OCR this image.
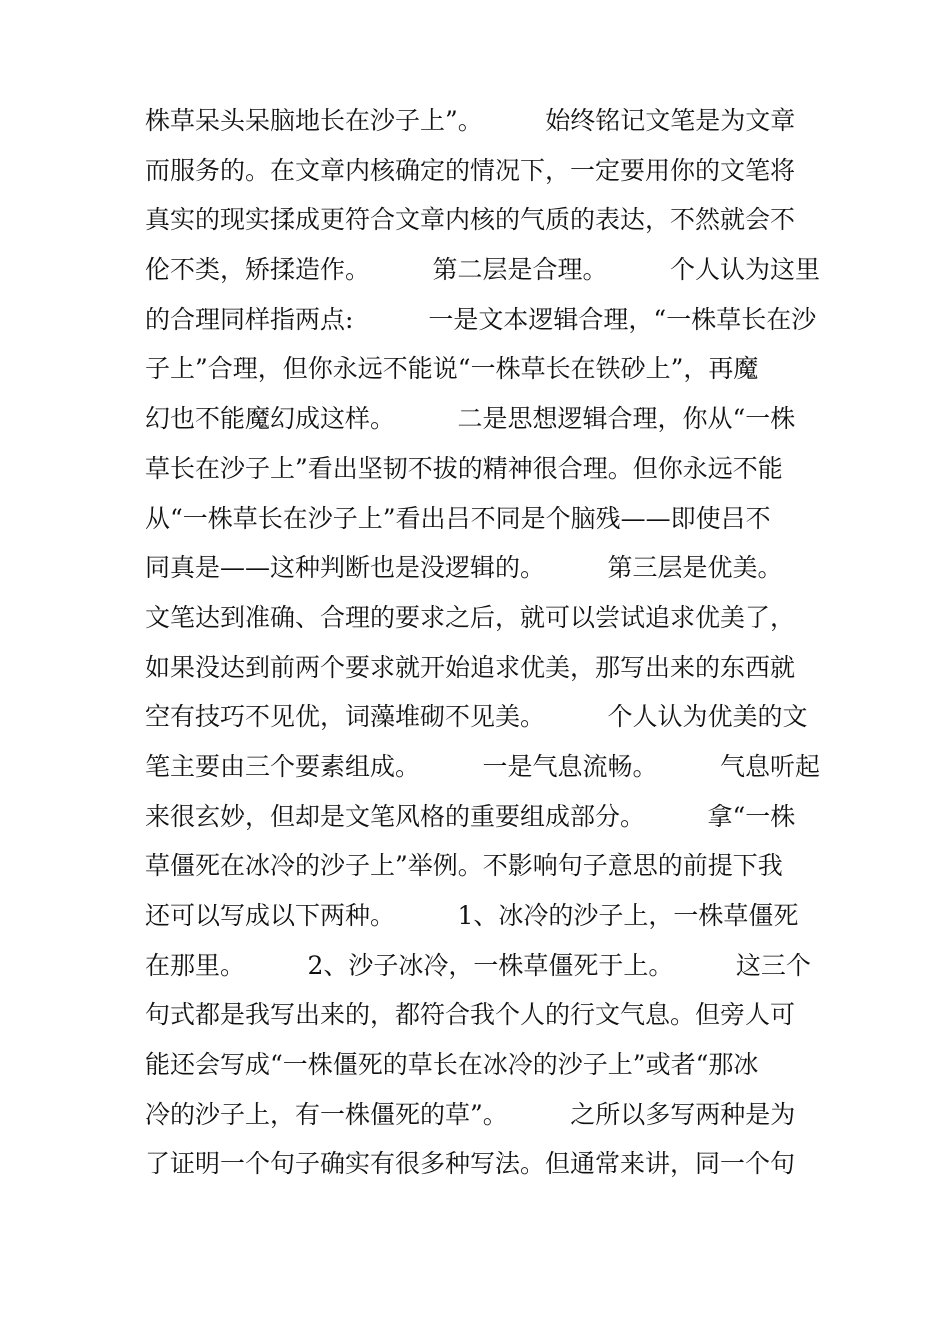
株草呆头呆脑地长在沙子上”。　　　始终铭记文笔是为文章
而服务的。在文章内核确定的情况下，一定要用你的文笔将
真实的现实揉成更符合文章内核的气质的表达，不然就会不
伦不类，矫揉造作。　　　第二层是合理。　　　个人认为这里
的合理同样指两点:　　　一是文本逻辑合理，“一株草长在沙
子上”合理，但你永远不能说“一株草长在铁砂上”，再魔
幻也不能魔幻成这样。　　　二是思想逻辑合理，你从“一株
草长在沙子上”看出坚韧不拔的精神很合理。但你永远不能
从“一株草长在沙子上”看出吕不同是个脑残——即使吕不
同真是——这种判断也是没逻辑的。　　　第三层是优美。
文笔达到准确、合理的要求之后，就可以尝试追求优美了，
如果没达到前两个要求就开始追求优美，那写出来的东西就
空有技巧不见优，词藻堆砌不见美。　　　个人认为优美的文
笔主要由三个要素组成。　　　一是气息流畅。　　　气息听起
来很玄妙，但却是文笔风格的重要组成部分。　　　拿“一株
草僵死在冰冷的沙子上”举例。不影响句子意思的前提下我
还可以写成以下两种。　　　1、冰冷的沙子上，一株草僵死
在那里。　　　2、沙子冰冷，一株草僵死于上。　　　这三个
句式都是我写出来的，都符合我个人的行文气息。但旁人可
能还会写成“一株僵死的草长在冰冷的沙子上”或者“那冰
冷的沙子上，有一株僵死的草”。　　　之所以多写两种是为
了证明一个句子确实有很多种写法。但通常来讲，同一个句
